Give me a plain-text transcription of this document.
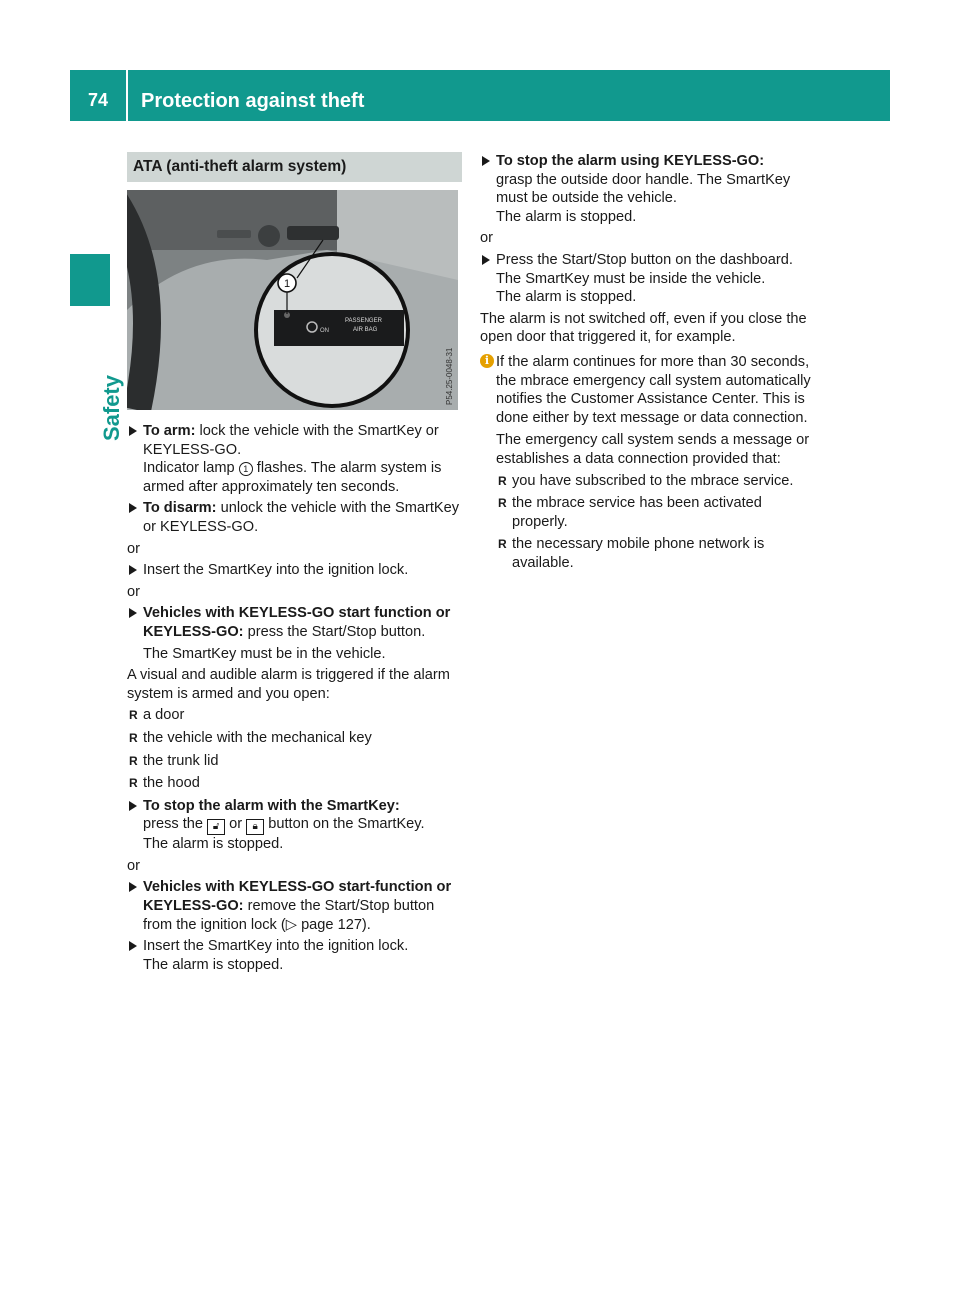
74	Protection against theft
Safety
ATA (anti-theft alarm system)
ON
PASSENGER
AIR BAG
1
P54.25-0048-31
To arm: lock the vehicle with the SmartKey or KEYLESS-GO.
Indicator lamp 1 flashes. The alarm system is armed after approximately ten seconds.
To disarm: unlock the vehicle with the SmartKey or KEYLESS-GO.
or
Insert the SmartKey into the ignition lock.
or
Vehicles with KEYLESS-GO start function or KEYLESS-GO: press the Start/Stop button.
The SmartKey must be in the vehicle.

A visual and audible alarm is triggered if the alarm system is armed and you open:

R a door
R the vehicle with the mechanical key
R the trunk lid
R the hood
To stop the alarm with the SmartKey:
press the 🔓︎ or 🔒︎ button on the SmartKey.
The alarm is stopped.
or
Vehicles with KEYLESS-GO start-function or KEYLESS-GO: remove the Start/Stop button from the ignition lock (▷ page 127).
Insert the SmartKey into the ignition lock.
The alarm is stopped.
To stop the alarm using KEYLESS-GO:
grasp the outside door handle. The SmartKey must be outside the vehicle.
The alarm is stopped.
or
Press the Start/Stop button on the dashboard. The SmartKey must be inside the vehicle.
The alarm is stopped.

The alarm is not switched off, even if you close the open door that triggered it, for example.

i If the alarm continues for more than 30 seconds, the mbrace emergency call system automatically notifies the Customer Assistance Center. This is done either by text message or data connection.
The emergency call system sends a message or establishes a data connection provided that:
R you have subscribed to the mbrace service.
R the mbrace service has been activated properly.
R the necessary mobile phone network is available.
